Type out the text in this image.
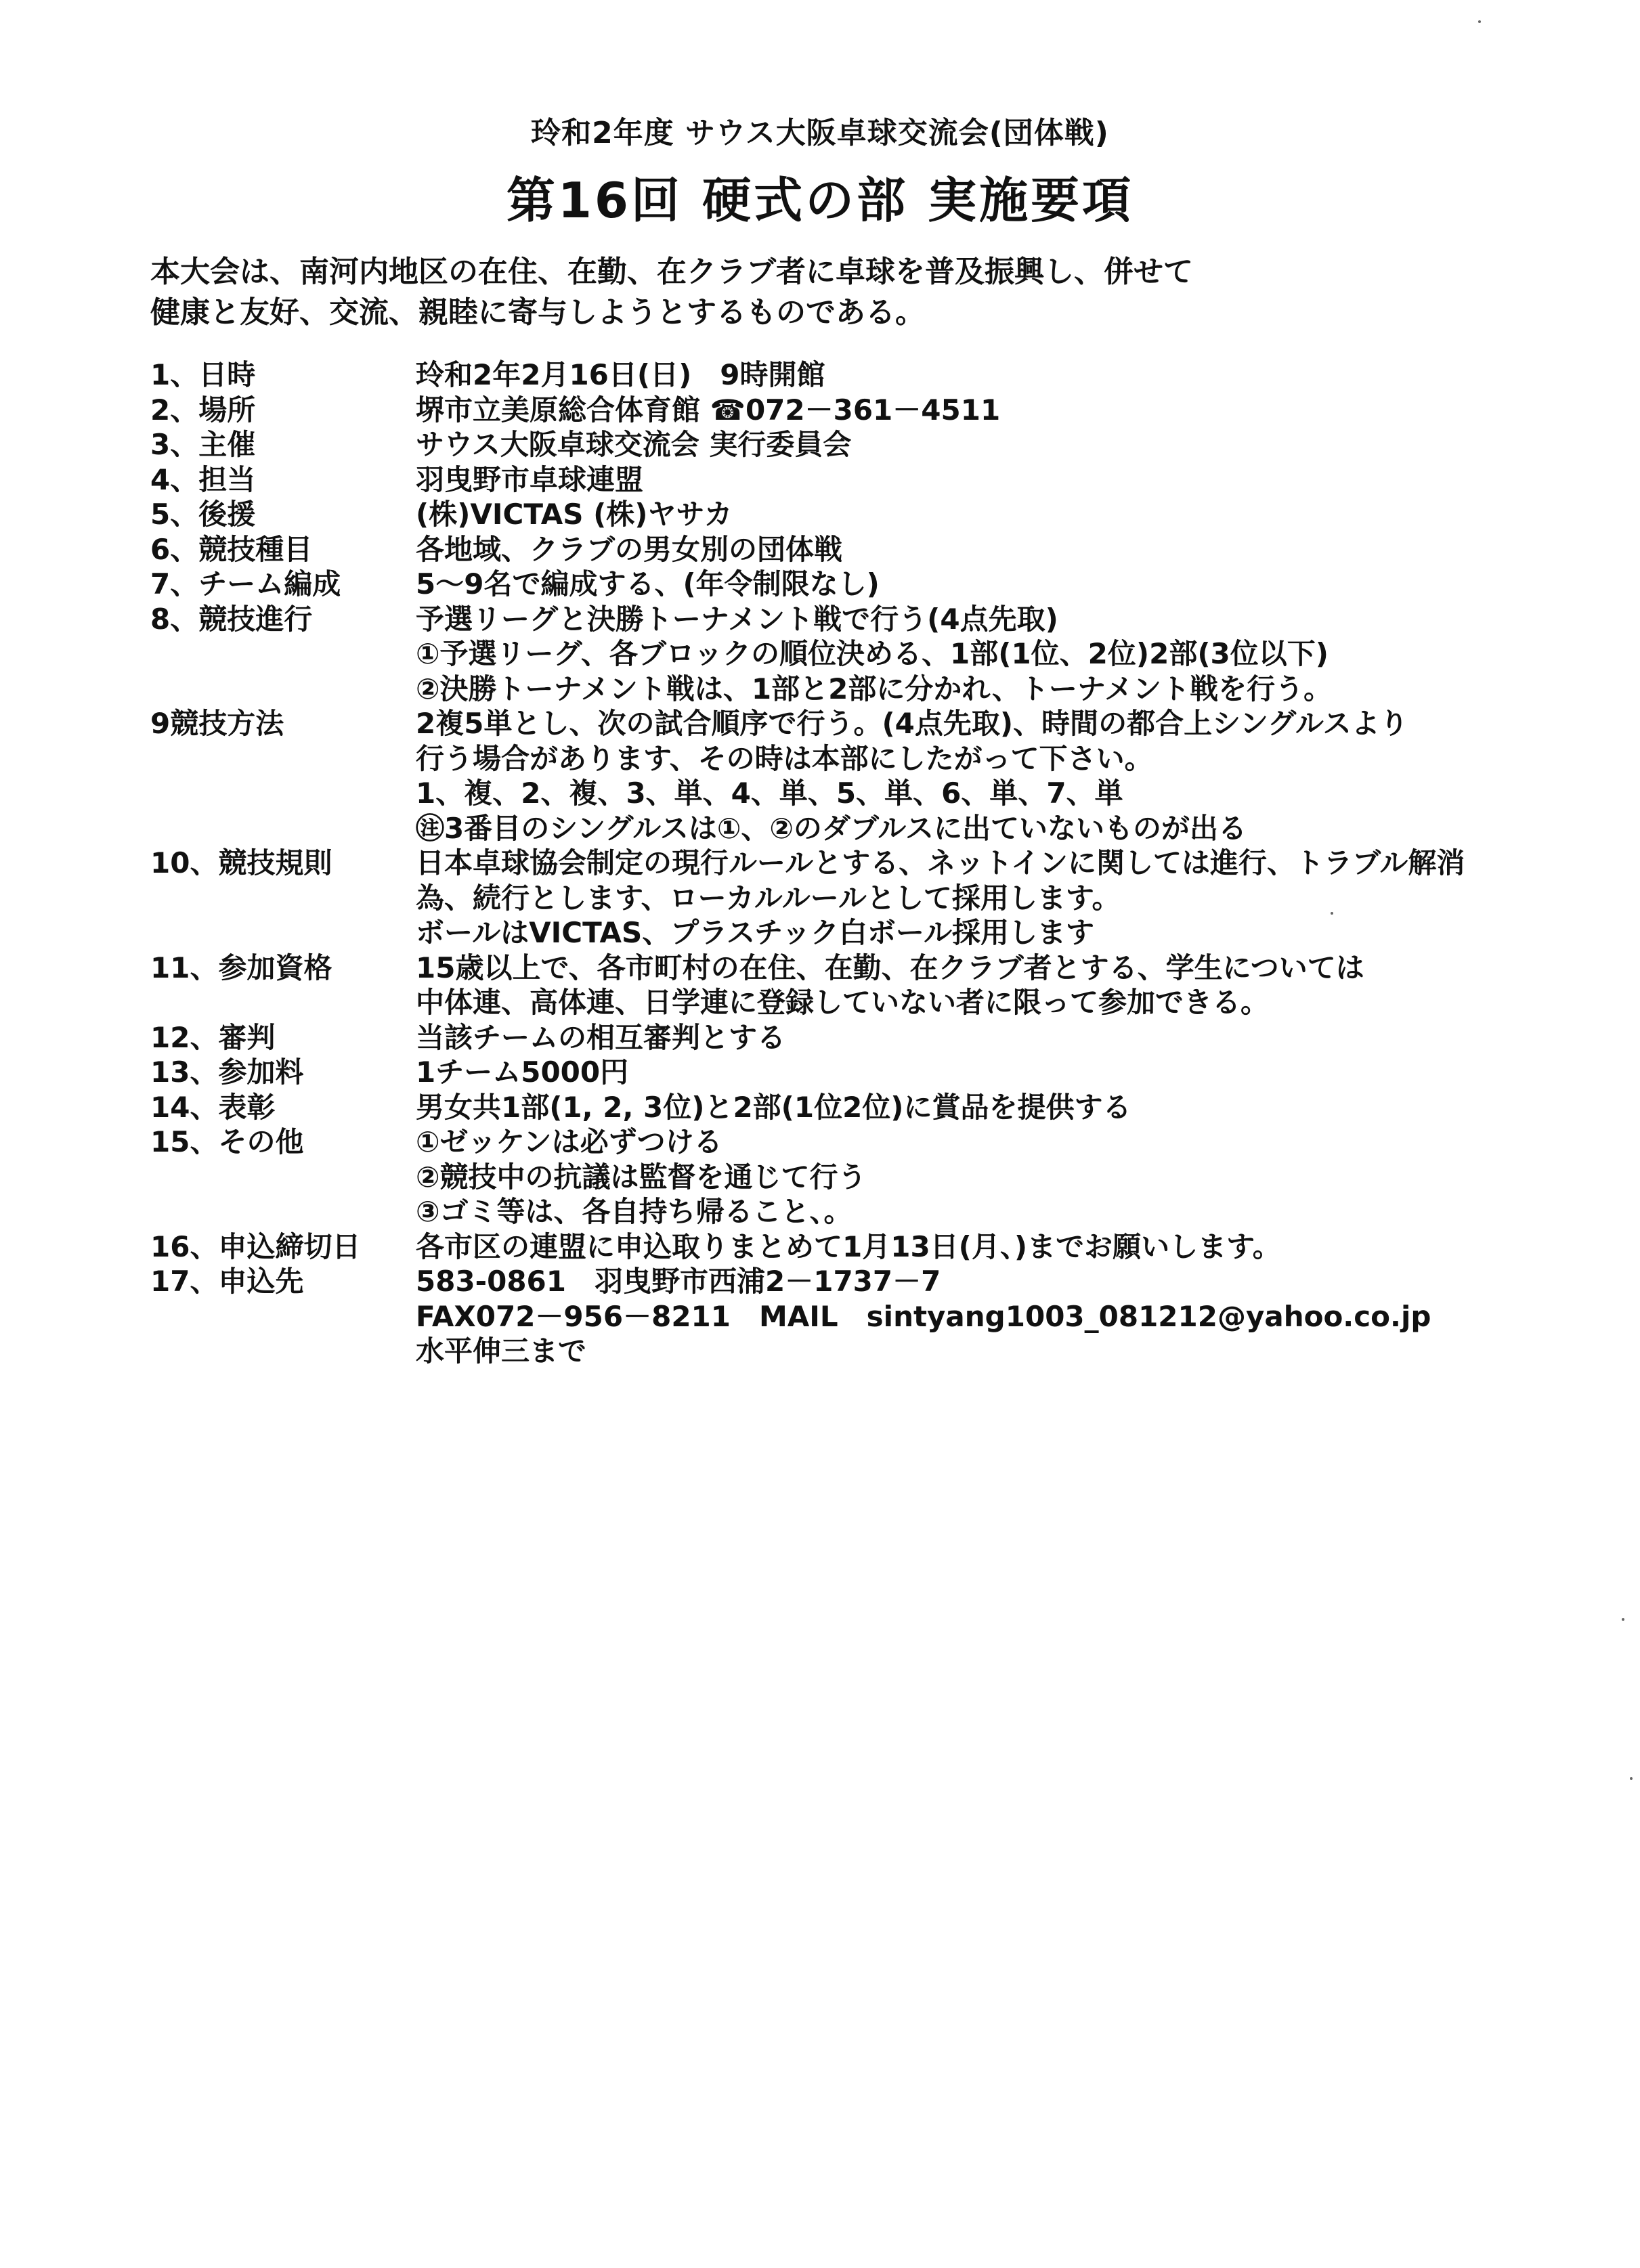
玲和2年度 サウス大阪卓球交流会(団体戦)
第16回 硬式の部 実施要項
本大会は、南河内地区の在住、在勤、在クラブ者に卓球を普及振興し、併せて
健康と友好、交流、親睦に寄与しようとするものである。
1、日時	玲和2年2月16日(日)　9時開館
2、場所	堺市立美原総合体育館 ☎072－361－4511
3、主催	サウス大阪卓球交流会 実行委員会
4、担当	羽曳野市卓球連盟
5、後援	(株)VICTAS (株)ヤサカ
6、競技種目	各地域、クラブの男女別の団体戦
7、チーム編成	5～9名で編成する、(年令制限なし)
8、競技進行	予選リーグと決勝トーナメント戦で行う(4点先取)
①予選リーグ、各ブロックの順位決める、1部(1位、2位)2部(3位以下)
②決勝トーナメント戦は、1部と2部に分かれ、トーナメント戦を行う。
9競技方法	2複5単とし、次の試合順序で行う。(4点先取)、時間の都合上シングルスより
行う場合があります、その時は本部にしたがって下さい。
1、複、2、複、3、単、4、単、5、単、6、単、7、単
㊟3番目のシングルスは①、②のダブルスに出ていないものが出る
10、競技規則	日本卓球協会制定の現行ルールとする、ネットインに関しては進行、トラブル解消
為、続行とします、ローカルルールとして採用します。
ボールはVICTAS、プラスチック白ボール採用します
11、参加資格	15歳以上で、各市町村の在住、在勤、在クラブ者とする、学生については
中体連、高体連、日学連に登録していない者に限って参加できる。
12、審判	当該チームの相互審判とする
13、参加料	1チーム5000円
14、表彰	男女共1部(1, 2, 3位)と2部(1位2位)に賞品を提供する
15、その他	①ゼッケンは必ずつける
②競技中の抗議は監督を通じて行う
③ゴミ等は、各自持ち帰ること、。
16、申込締切日	各市区の連盟に申込取りまとめて1月13日(月、)までお願いします。
17、申込先	583-0861　羽曳野市西浦2－1737－7
FAX072－956－8211　MAIL　sintyang1003_081212@yahoo.co.jp
水平伸三まで
